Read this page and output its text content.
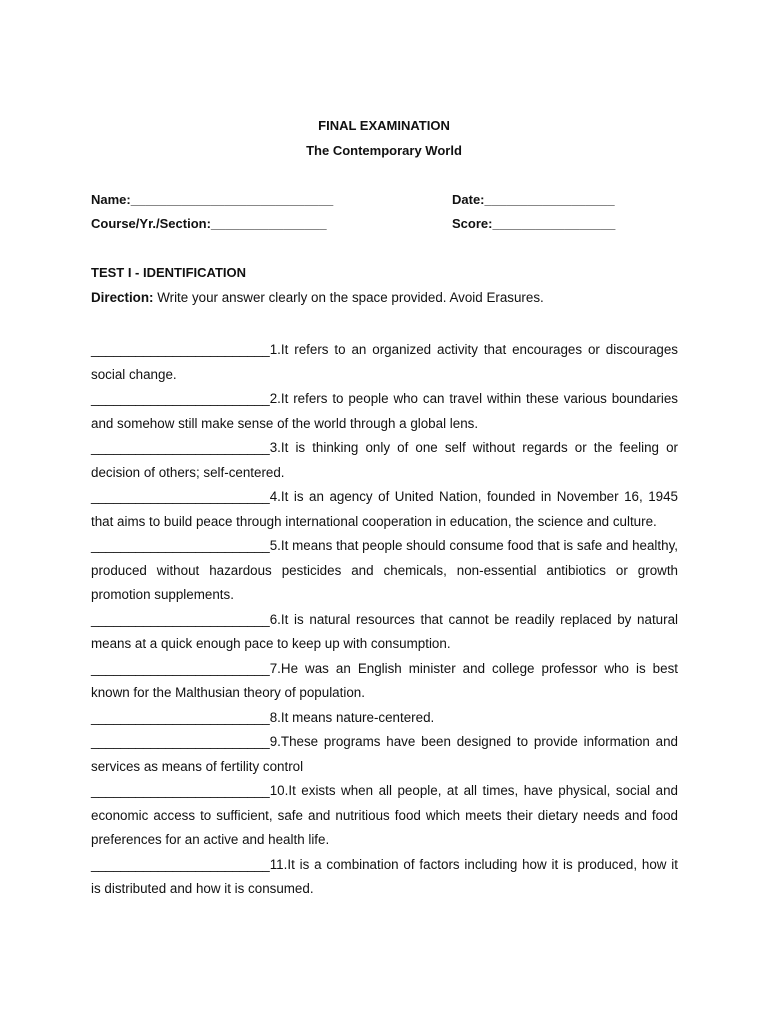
FINAL EXAMINATION
The Contemporary World
Name:____________________________	Date:__________________
Course/Yr./Section:________________	Score:_________________
TEST I - IDENTIFICATION
Direction: Write your answer clearly on the space provided. Avoid Erasures.
________________________1.It refers to an organized activity that encourages or discourages social change.
________________________2.It refers to people who can travel within these various boundaries and somehow still make sense of the world through a global lens.
________________________3.It is thinking only of one self without regards or the feeling or decision of others; self-centered.
________________________4.It is an agency of United Nation, founded in November 16, 1945 that aims to build peace through international cooperation in education, the science and culture.
________________________5.It means that people should consume food that is safe and healthy, produced without hazardous pesticides and chemicals, non-essential antibiotics or growth promotion supplements.
________________________6.It is natural resources that cannot be readily replaced by natural means at a quick enough pace to keep up with consumption.
________________________7.He was an English minister and college professor who is best known for the Malthusian theory of population.
________________________8.It means nature-centered.
________________________9.These programs have been designed to provide information and services as means of fertility control
________________________10.It exists when all people, at all times, have physical, social and economic access to sufficient, safe and nutritious food which meets their dietary needs and food preferences for an active and health life.
________________________11.It is a combination of factors including how it is produced, how it is distributed and how it is consumed.
